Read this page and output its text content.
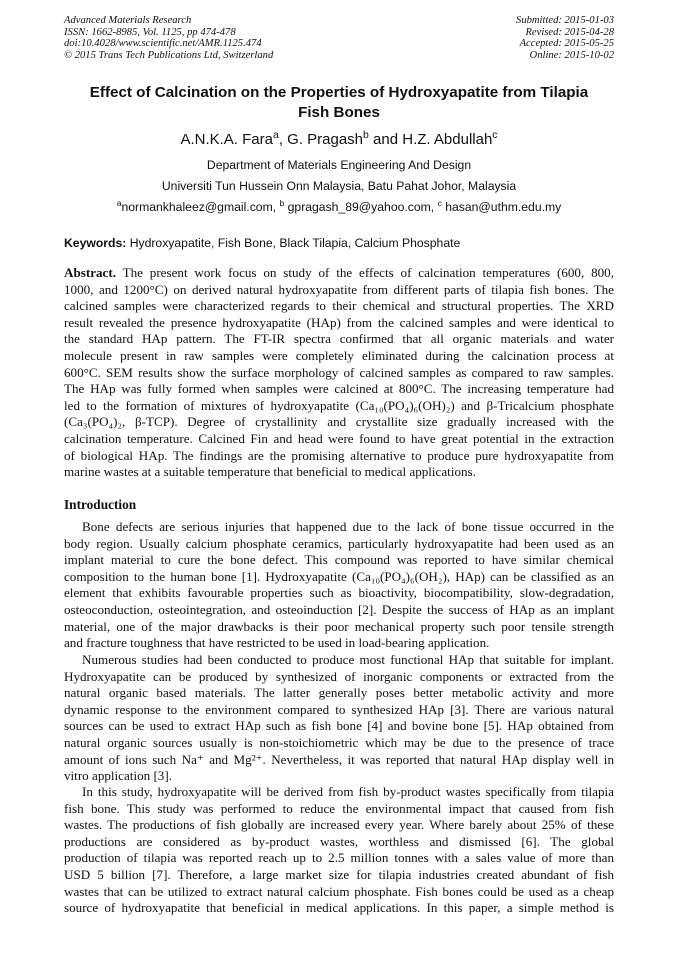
Advanced Materials Research
ISSN: 1662-8985, Vol. 1125, pp 474-478
doi:10.4028/www.scientific.net/AMR.1125.474
© 2015 Trans Tech Publications Ltd, Switzerland
Submitted: 2015-01-03
Revised: 2015-04-28
Accepted: 2015-05-25
Online: 2015-10-02
Effect of Calcination on the Properties of Hydroxyapatite from Tilapia
Fish Bones
A.N.K.A. Fara$^a$, G. Pragash$^b$ and H.Z. Abdullah$^c$
Department of Materials Engineering And Design
Universiti Tun Hussein Onn Malaysia, Batu Pahat Johor, Malaysia
$^a$normankhaleez@gmail.com, $^b$ gpragash_89@yahoo.com, $^c$ hasan@uthm.edu.my
Keywords: Hydroxyapatite, Fish Bone, Black Tilapia, Calcium Phosphate
Abstract. The present work focus on study of the effects of calcination temperatures (600, 800,
1000, and 1200°C) on derived natural hydroxyapatite from different parts of tilapia fish bones. The
calcined samples were characterized regards to their chemical and structural properties. The XRD
result revealed the presence hydroxyapatite (HAp) from the calcined samples and were identical to
the standard HAp pattern. The FT-IR spectra confirmed that all organic materials and water
molecule present in raw samples were completely eliminated during the calcination process at
600°C. SEM results show the surface morphology of calcined samples as compared to raw samples.
The HAp was fully formed when samples were calcined at 800°C. The increasing temperature had
led to the formation of mixtures of hydroxyapatite (Ca₁₀(PO₄)₆(OH)₂) and β-Tricalcium phosphate
(Ca₃(PO₄)₂, β-TCP). Degree of crystallinity and crystallite size gradually increased with the
calcination temperature. Calcined Fin and head were found to have great potential in the extraction
of biological HAp. The findings are the promising alternative to produce pure hydroxyapatite from
marine wastes at a suitable temperature that beneficial to medical applications.
Introduction
Bone defects are serious injuries that happened due to the lack of bone tissue occurred in the
body region. Usually calcium phosphate ceramics, particularly hydroxyapatite had been used as an
implant material to cure the bone defect. This compound was reported to have similar chemical
composition to the human bone [1]. Hydroxyapatite (Ca₁₀(PO₄)₆(OH₂), HAp) can be classified as an
element that exhibits favourable properties such as bioactivity, biocompatibility, slow-degradation,
osteoconduction, osteointegration, and osteoinduction [2]. Despite the success of HAp as an implant
material, one of the major drawbacks is their poor mechanical property such poor tensile strength
and fracture toughness that have restricted to be used in load-bearing application.
Numerous studies had been conducted to produce most functional HAp that suitable for implant.
Hydroxyapatite can be produced by synthesized of inorganic components or extracted from the
natural organic based materials. The latter generally poses better metabolic activity and more
dynamic response to the environment compared to synthesized HAp [3]. There are various natural
sources can be used to extract HAp such as fish bone [4] and bovine bone [5]. HAp obtained from
natural organic sources usually is non-stoichiometric which may be due to the presence of trace
amount of ions such Na⁺ and Mg²⁺. Nevertheless, it was reported that natural HAp display well in
vitro application [3].
In this study, hydroxyapatite will be derived from fish by-product wastes specifically from tilapia
fish bone. This study was performed to reduce the environmental impact that caused from fish
wastes. The productions of fish globally are increased every year. Where barely about 25% of these
productions are considered as by-product wastes, worthless and dismissed [6]. The global
production of tilapia was reported reach up to 2.5 million tonnes with a sales value of more than
USD 5 billion [7]. Therefore, a large market size for tilapia industries created abundant of fish
wastes that can be utilized to extract natural calcium phosphate. Fish bones could be used as a cheap
source of hydroxyapatite that beneficial in medical applications. In this paper, a simple method is
